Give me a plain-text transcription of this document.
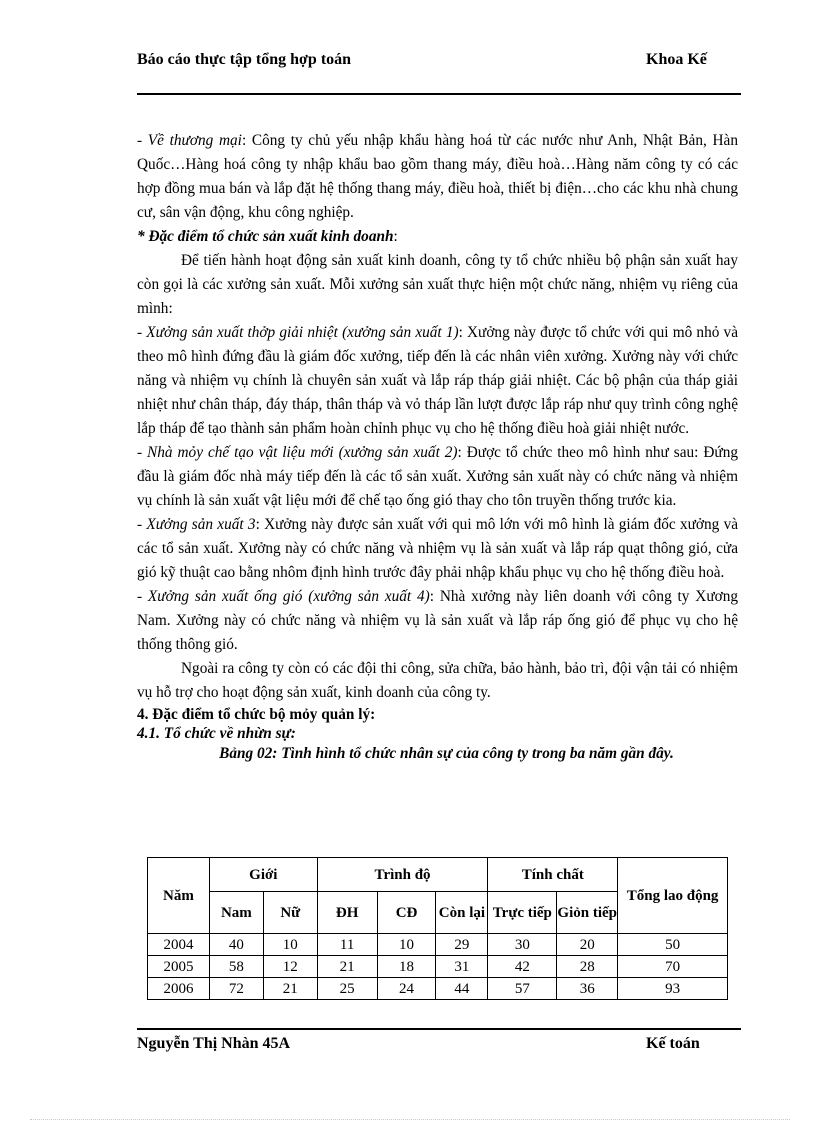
Báo cáo thực tập tổng hợp toán	Khoa Kế

- Về thương mại: Công ty chủ yếu nhập khẩu hàng hoá từ các nước như Anh, Nhật Bản, Hàn Quốc…Hàng hoá công ty nhập khẩu bao gồm thang máy, điều hoà…Hàng năm công ty có các hợp đồng mua bán và lắp đặt hệ thống thang máy, điều hoà, thiết bị điện…cho các khu nhà chung cư, sân vận động, khu công nghiệp.

* Đặc điểm tổ chức sản xuất kinh doanh:

Để tiến hành hoạt động sản xuất kinh doanh, công ty tổ chức nhiều bộ phận sản xuất hay còn gọi là các xưởng sản xuất. Mỗi xưởng sản xuất thực hiện một chức năng, nhiệm vụ riêng của mình:

- Xưởng sản xuất thởp giải nhiệt (xưởng sản xuất 1): Xưởng này được tổ chức với qui mô nhỏ và theo mô hình đứng đầu là giám đốc xưởng, tiếp đến là các nhân viên xưởng. Xưởng này với chức năng và nhiệm vụ chính là chuyên sản xuất và lắp ráp tháp giải nhiệt. Các bộ phận của tháp giải nhiệt như chân tháp, đáy tháp, thân tháp và vỏ tháp lần lượt được lắp ráp như quy trình công nghệ lắp tháp để tạo thành sản phẩm hoàn chỉnh phục vụ cho hệ thống điều hoà giải nhiệt nước.

- Nhà mỏy chế tạo vật liệu mới (xưởng sản xuất 2): Được tổ chức theo mô hình như sau: Đứng đầu là giám đốc nhà máy tiếp đến là các tổ sản xuất. Xưởng sản xuất này có chức năng và nhiệm vụ chính là sản xuất vật liệu mới để chế tạo ống gió thay cho tôn truyền thống trước kia.

- Xưởng sản xuất 3: Xưởng này được sản xuất với qui mô lớn với mô hình là giám đốc xưởng và các tổ sản xuất. Xưởng này có chức năng và nhiệm vụ là sản xuất và lắp ráp quạt thông gió, cửa gió kỹ thuật cao bằng nhôm định hình trước đây phải nhập khẩu phục vụ cho hệ thống điều hoà.

- Xưởng sản xuất ống gió (xưởng sản xuất 4): Nhà xưởng này liên doanh với công ty Xương Nam. Xưởng này có chức năng và nhiệm vụ là sản xuất và lắp ráp ống gió để phục vụ cho hệ thống thông gió.

Ngoài ra công ty còn có các đội thi công, sửa chữa, bảo hành, bảo trì, đội vận tải có nhiệm vụ hỗ trợ cho hoạt động sản xuất, kinh doanh của công ty.

4. Đặc điểm tổ chức bộ mỏy quản lý:

4.1. Tổ chức về nhừn sự:

Bảng 02: Tình hình tổ chức nhân sự của công ty trong ba năm gần đây.

Năm	Giới		Trình độ			Tính chất		Tổng lao động
	Nam	Nữ	ĐH	CĐ	Còn lại	Trực tiếp	Giỏn tiếp	
2004	40	10	11	10	29	30	20	50
2005	58	12	21	18	31	42	28	70
2006	72	21	25	24	44	57	36	93
Nguyễn Thị Nhàn 45A	Kế toán
